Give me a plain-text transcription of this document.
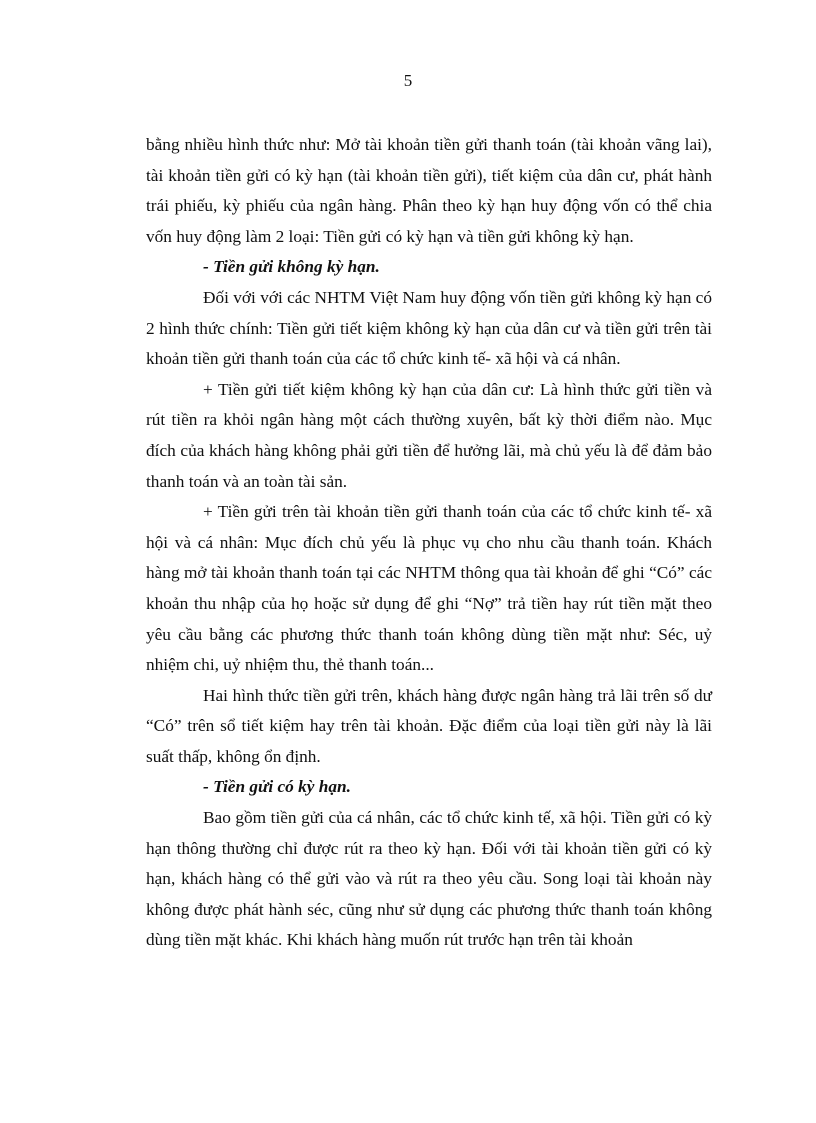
5

bằng nhiều hình thức như: Mở tài khoản tiền gửi thanh toán (tài khoản vãng lai), tài khoản tiền gửi có kỳ hạn (tài khoản tiền gửi), tiết kiệm của dân cư, phát hành trái phiếu, kỳ phiếu của ngân hàng. Phân theo kỳ hạn huy động vốn có thể chia vốn huy động làm 2 loại: Tiền gửi có kỳ hạn và tiền gửi không kỳ hạn.

- Tiền gửi không kỳ hạn.

Đối với với các NHTM Việt Nam huy động vốn tiền gửi không kỳ hạn có 2 hình thức chính: Tiền gửi tiết kiệm không kỳ hạn của dân cư và tiền gửi trên tài khoản tiền gửi thanh toán của các tổ chức kinh tế- xã hội và cá nhân.

+ Tiền gửi tiết kiệm không kỳ hạn của dân cư: Là hình thức gửi tiền và rút tiền ra khỏi ngân hàng một cách thường xuyên, bất kỳ thời điểm nào. Mục đích của khách hàng không phải gửi tiền để hưởng lãi, mà chủ yếu là để đảm bảo thanh toán và an toàn tài sản.

+ Tiền gửi trên tài khoản tiền gửi thanh toán của các tổ chức kinh tế- xã hội và cá nhân: Mục đích chủ yếu là phục vụ cho nhu cầu thanh toán. Khách hàng mở tài khoản thanh toán tại các NHTM thông qua tài khoản để ghi “Có” các khoản thu nhập của họ hoặc sử dụng để ghi “Nợ” trả tiền hay rút tiền mặt theo yêu cầu bằng các phương thức thanh toán không dùng tiền mặt như: Séc, uỷ nhiệm chi, uỷ nhiệm thu, thẻ thanh toán...

Hai hình thức tiền gửi trên, khách hàng được ngân hàng trả lãi trên số dư “Có” trên sổ tiết kiệm hay trên tài khoản. Đặc điểm của loại tiền gửi này là lãi suất thấp, không ổn định.

- Tiền gửi có kỳ hạn.

Bao gồm tiền gửi của cá nhân, các tổ chức kinh tế, xã hội. Tiền gửi có kỳ hạn thông thường chỉ được rút ra theo kỳ hạn. Đối với tài khoản tiền gửi có kỳ hạn, khách hàng có thể gửi vào và rút ra theo yêu cầu. Song loại tài khoản này không được phát hành séc, cũng như sử dụng các phương thức thanh toán không dùng tiền mặt khác. Khi khách hàng muốn rút trước hạn trên tài khoản
